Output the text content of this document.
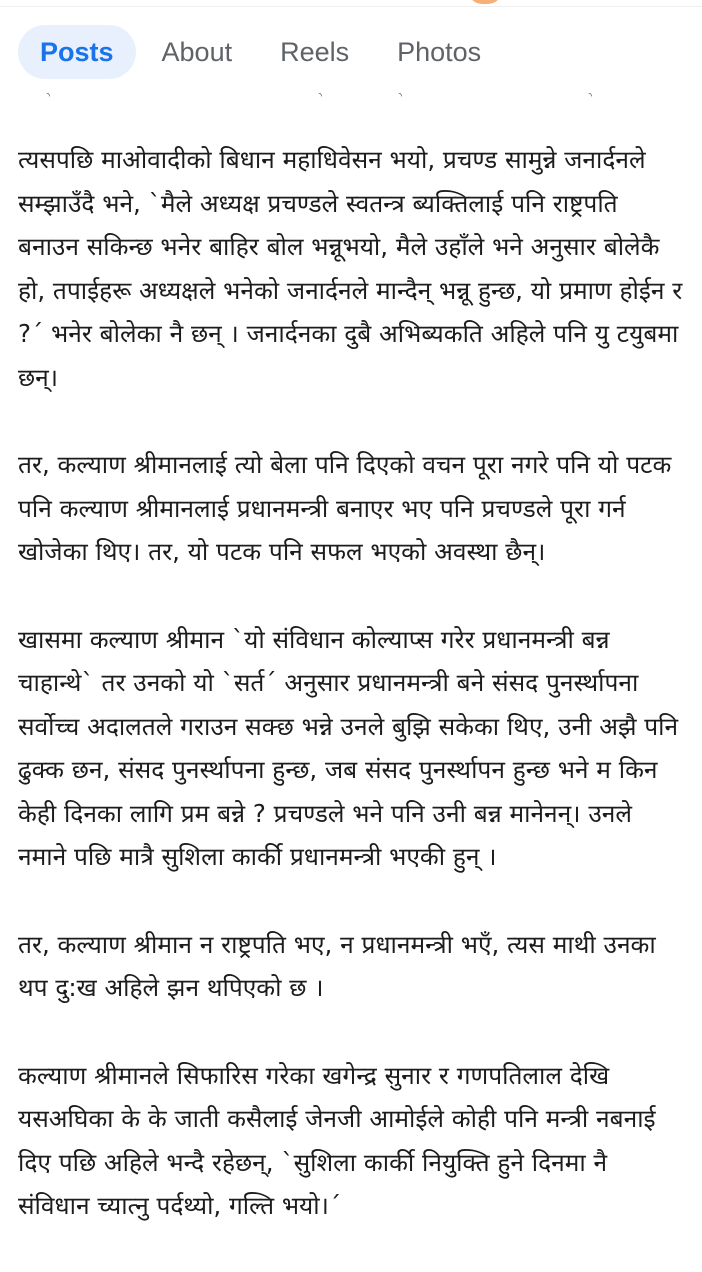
Posts	About	Reels	Photos
◝	◝	◝	◝

त्यसपछि माओवादीको बिधान महाधिवेसन भयो, प्रचण्ड सामुन्ने जनार्दनले सम्झाउँदै भने, `मैले अध्यक्ष प्रचण्डले स्वतन्त्र ब्यक्तिलाई पनि राष्ट्रपति बनाउन सकिन्छ भनेर बाहिर बोल भन्नूभयो, मैले उहाँले भने अनुसार बोलेकै हो, तपाईहरू अध्यक्षले भनेको जनार्दनले मान्दैन् भन्नू हुन्छ, यो प्रमाण होईन र ?´ भनेर बोलेका नै छन् । जनार्दनका दुबै अभिब्यकति अहिले पनि यु टयुबमा छन्।

तर, कल्याण श्रीमानलाई त्यो बेला पनि दिएको वचन पूरा नगरे पनि यो पटक पनि कल्याण श्रीमानलाई प्रधानमन्त्री बनाएर भए पनि प्रचण्डले पूरा गर्न खोजेका थिए। तर, यो पटक पनि सफल भएको अवस्था छैन्।

खासमा कल्याण श्रीमान `यो संविधान कोल्याप्स गरेर प्रधानमन्त्री बन्न चाहान्थे` तर उनको यो `सर्त´ अनुसार प्रधानमन्त्री बने संसद पुनर्स्थापना सर्वोच्च अदालतले गराउन सक्छ भन्ने उनले बुझि सकेका थिए, उनी अझै पनि ढुक्क छन, संसद पुनर्स्थापना हुन्छ, जब संसद पुनर्स्थापन हुन्छ भने म किन केही दिनका लागि प्रम बन्ने ? प्रचण्डले भने पनि उनी बन्न मानेनन्। उनले नमाने पछि मात्रै सुशिला कार्की प्रधानमन्त्री भएकी हुन् ।

तर, कल्याण श्रीमान न राष्ट्रपति भए, न प्रधानमन्त्री भएँ, त्यस माथी उनका थप दु:ख अहिले झन थपिएको छ ।

कल्याण श्रीमानले सिफारिस गरेका खगेन्द्र सुनार र गणपतिलाल देखि यसअघिका के के जाती कसैलाई जेनजी आमोईले कोही पनि मन्त्री नबनाई दिए पछि अहिले भन्दै रहेछन्, `सुशिला कार्की नियुक्ति हुने दिनमा नै संविधान च्यात्नु पर्दथ्यो, गल्ति भयो।´
